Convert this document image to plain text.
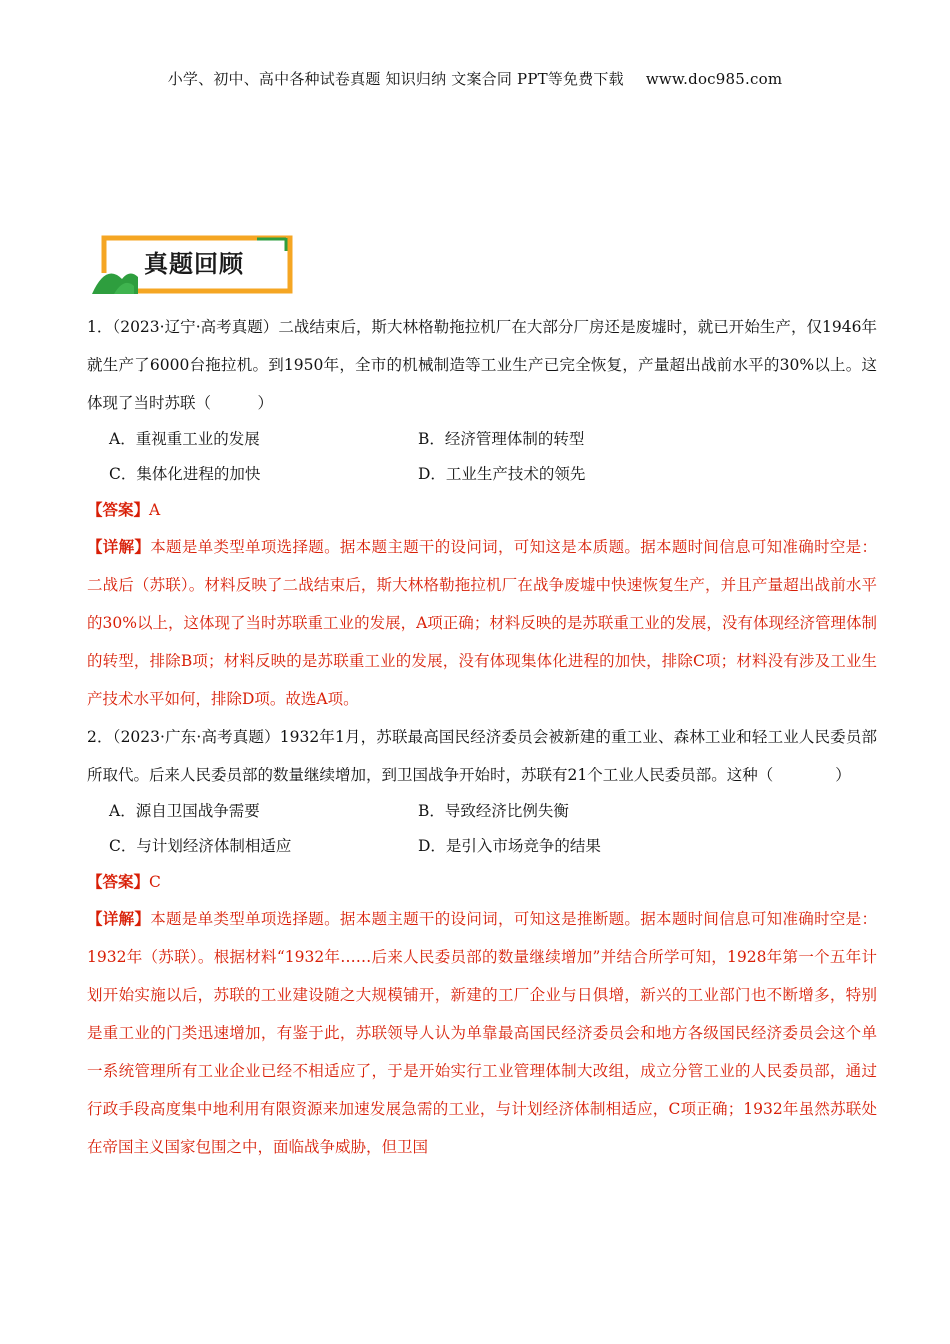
小学、初中、高中各种试卷真题 知识归纳 文案合同 PPT等免费下载 www.doc985.com
真题回顾

1．（2023·辽宁·高考真题）二战结束后，斯大林格勒拖拉机厂在大部分厂房还是废墟时，就已开始生产，仅1946年就生产了6000台拖拉机。到1950年，全市的机械制造等工业生产已完全恢复，产量超出战前水平的30%以上。这体现了当时苏联（　　　）

A．重视重工业的发展	B．经济管理体制的转型
C．集体化进程的加快	D．工业生产技术的领先
【答案】A

【详解】本题是单类型单项选择题。据本题主题干的设问词，可知这是本质题。据本题时间信息可知准确时空是：二战后（苏联）。材料反映了二战结束后，斯大林格勒拖拉机厂在战争废墟中快速恢复生产，并且产量超出战前水平的30%以上，这体现了当时苏联重工业的发展，A项正确；材料反映的是苏联重工业的发展，没有体现经济管理体制的转型，排除B项；材料反映的是苏联重工业的发展，没有体现集体化进程的加快，排除C项；材料没有涉及工业生产技术水平如何，排除D项。故选A项。

2．（2023·广东·高考真题）1932年1月，苏联最高国民经济委员会被新建的重工业、森林工业和轻工业人民委员部所取代。后来人民委员部的数量继续增加，到卫国战争开始时，苏联有21个工业人民委员部。这种（　　　　）

A．源自卫国战争需要	B．导致经济比例失衡
C．与计划经济体制相适应	D．是引入市场竞争的结果
【答案】C

【详解】本题是单类型单项选择题。据本题主题干的设问词，可知这是推断题。据本题时间信息可知准确时空是：1932年（苏联）。根据材料“1932年……后来人民委员部的数量继续增加”并结合所学可知，1928年第一个五年计划开始实施以后，苏联的工业建设随之大规模铺开，新建的工厂企业与日俱增，新兴的工业部门也不断增多，特别是重工业的门类迅速增加，有鉴于此，苏联领导人认为单靠最高国民经济委员会和地方各级国民经济委员会这个单一系统管理所有工业企业已经不相适应了，于是开始实行工业管理体制大改组，成立分管工业的人民委员部，通过行政手段高度集中地利用有限资源来加速发展急需的工业，与计划经济体制相适应，C项正确；1932年虽然苏联处在帝国主义国家包围之中，面临战争威胁，但卫国
